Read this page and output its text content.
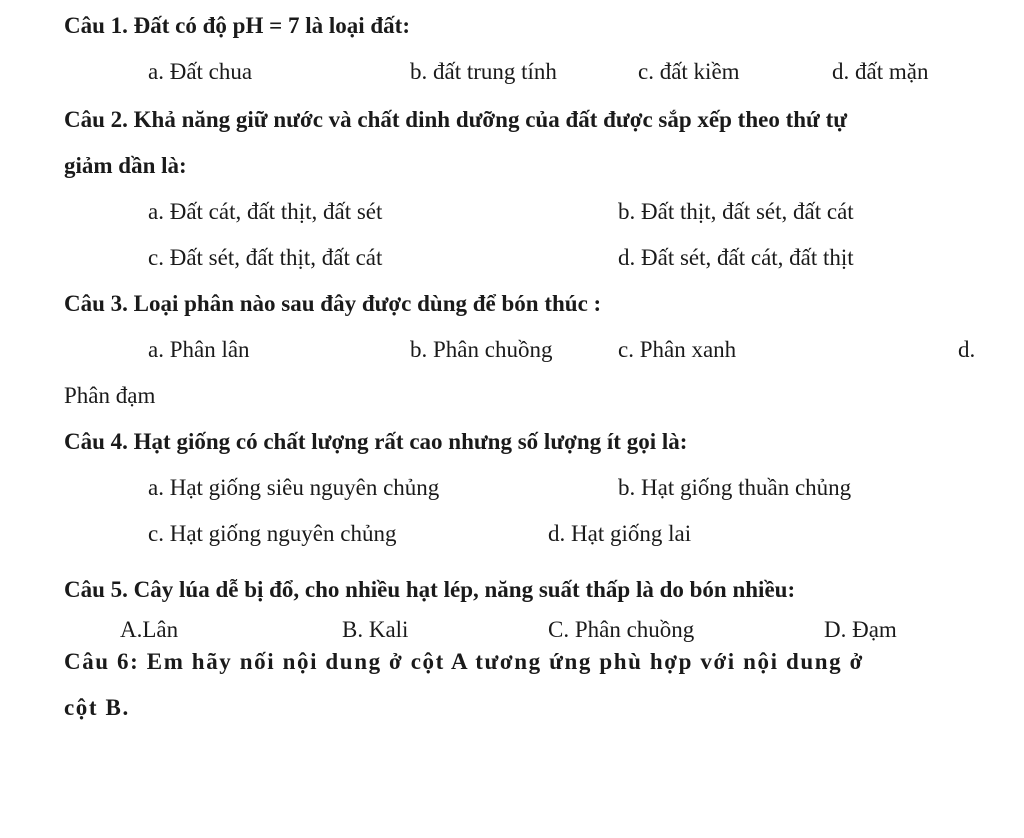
Câu 1. Đất có độ pH = 7 là loại đất:
a. Đất chua	b. đất trung tính	c. đất kiềm	d. đất mặn
Câu 2. Khả năng giữ nước và chất dinh dưỡng của đất được sắp xếp theo thứ tự
giảm dần là:
a. Đất cát, đất thịt, đất sét	b. Đất thịt, đất sét, đất cát
c. Đất sét, đất thịt, đất cát	d. Đất sét, đất cát, đất thịt
Câu 3. Loại phân nào sau đây được dùng để bón thúc :
a. Phân lân	b. Phân chuồng	c. Phân xanh	d.
Phân đạm
Câu 4. Hạt giống có chất lượng rất cao nhưng số lượng ít gọi là:
a. Hạt giống siêu nguyên chủng	b. Hạt giống thuần chủng
c. Hạt giống nguyên chủng	d. Hạt giống lai
Câu 5. Cây lúa dễ bị đổ, cho nhiều hạt lép, năng suất thấp là do bón nhiều:
A.Lân	B. Kali	C. Phân chuồng	D. Đạm
Câu 6: Em hãy nối nội dung ở cột A tương ứng phù hợp với nội dung ở
cột B.
